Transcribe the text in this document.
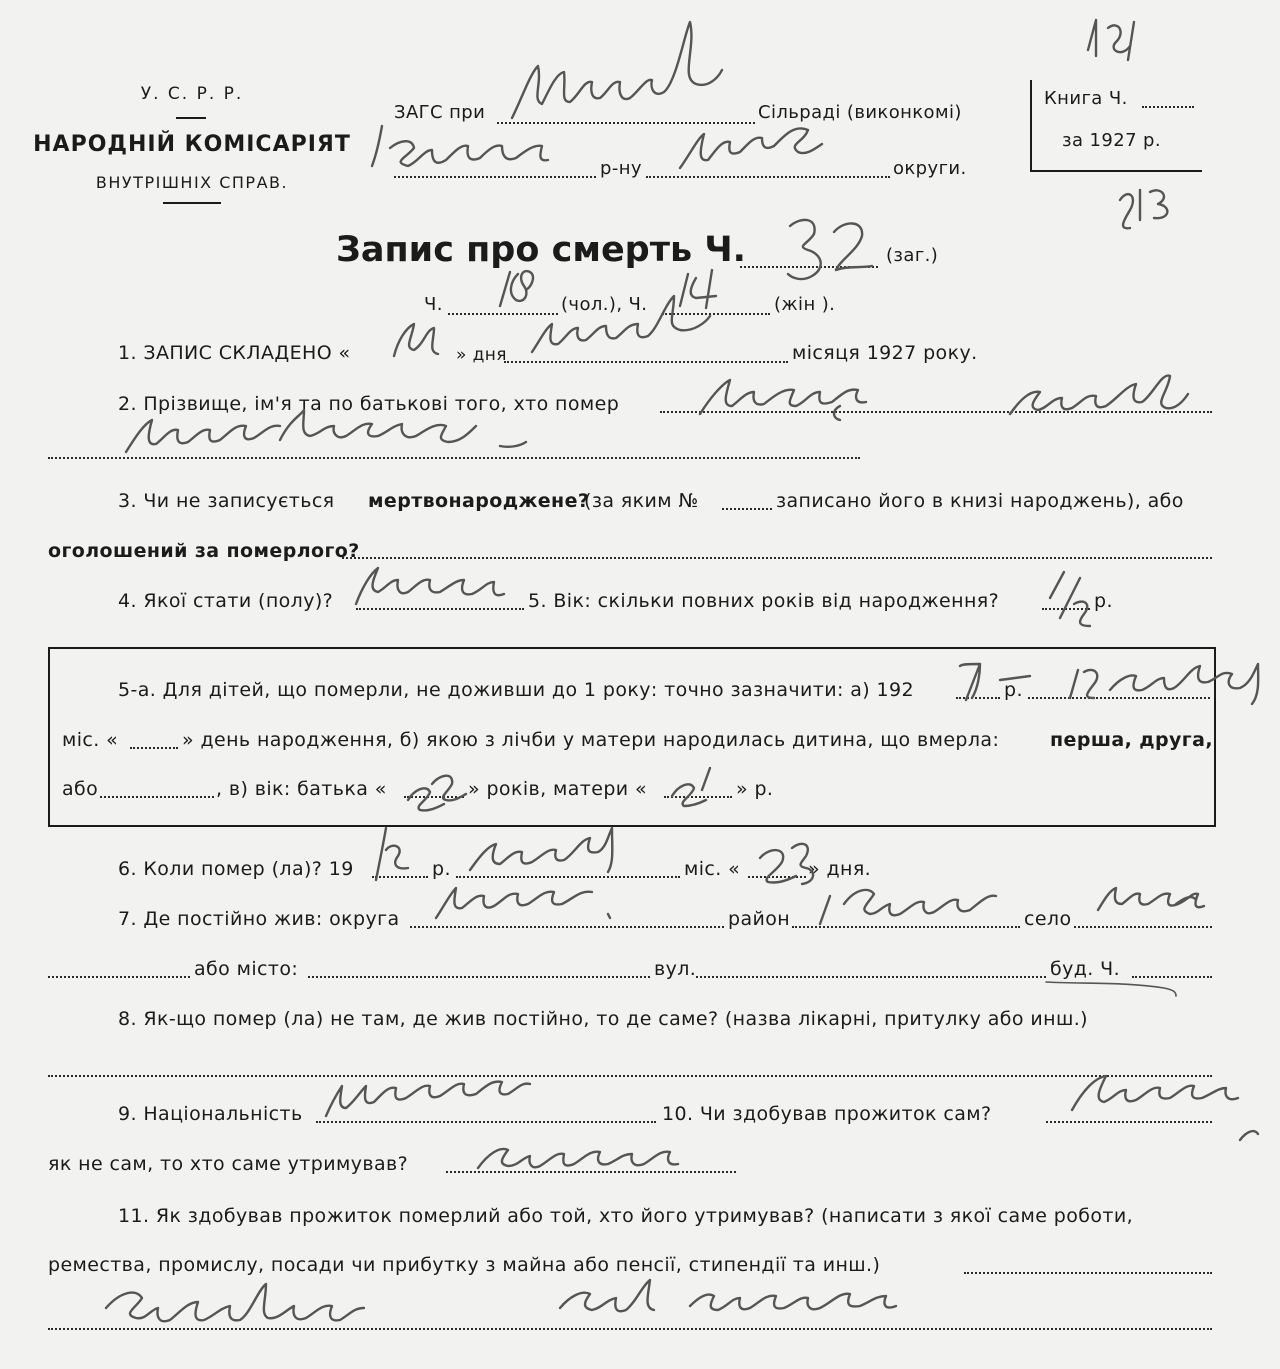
У. С. Р. Р.
НАРОДНІЙ КОМІСАРІЯТ
ВНУТРІШНІХ СПРАВ.
ЗАГС при	Сільраді (виконкомі)
р-ну	округи.
Книга Ч.
за 1927 р.
Запис про смерть Ч.	(заг.)
Ч.	(чол.), Ч.	(жін ).
1. ЗАПИС СКЛАДЕНО «	» дня	місяця 1927 року.
2. Прізвище, ім'я та по батькові того, хто помер
3. Чи не записується мертвонароджене?
(за яким №	записано його в книзі народжень), або
оголошений за померлого?
4. Якої стати (полу)?	5. Вік: скільки повних років від народження?	р.
5-а. Для дітей, що померли, не доживши до 1 року: точно зазначити: а) 192	р.
міс. «	» день народження, б) якою з лічби у матери народилась дитина, що вмерла:	перша, друга,
або	, в) вік: батька «	» років, матери «	» р.
6. Коли помер (ла)? 19	р.	міс. «	» дня.
7. Де постійно жив: округа	район	село
або місто:	вул.	буд. Ч.
8. Як-що помер (ла) не там, де жив постійно, то де саме? (назва лікарні, притулку або инш.)
9. Національність	10. Чи здобував прожиток сам?
як не сам, то хто саме утримував?
11. Як здобував прожиток померлий або той, хто його утримував? (написати з якої саме роботи,
ремества, промислу, посади чи прибутку з майна або пенсії, стипендії та инш.)
